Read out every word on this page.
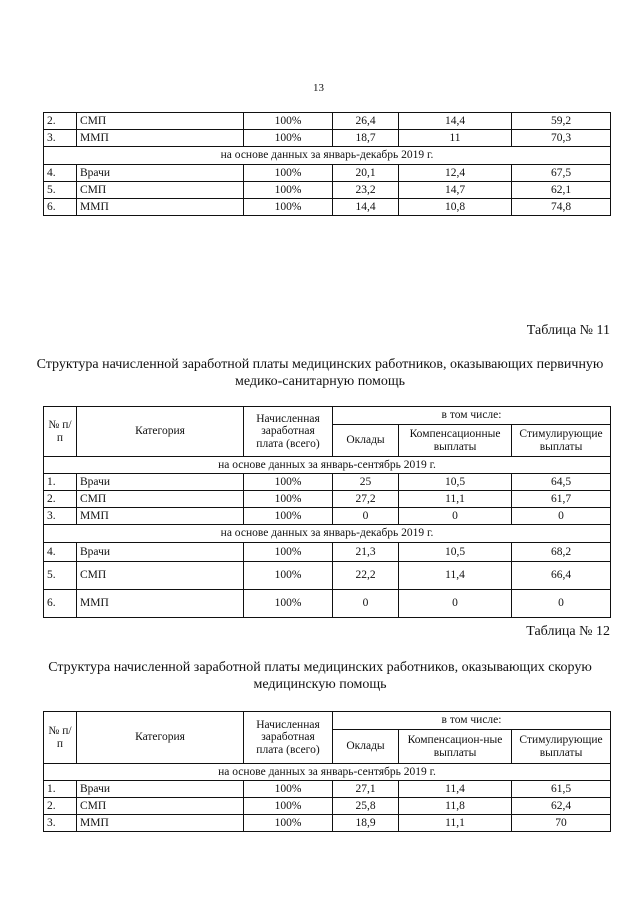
13
2.	СМП	100%	26,4	14,4	59,2
3.	ММП	100%	18,7	11	70,3
на основе данных за январь-декабрь 2019 г.					
4.	Врачи	100%	20,1	12,4	67,5
5.	СМП	100%	23,2	14,7	62,1
6.	ММП	100%	14,4	10,8	74,8
Таблица № 11
Структура начисленной заработной платы медицинских работников, оказывающих первичную медико-санитарную помощь
№ п/п	Категория	Начисленная заработная плата (всего)	в том числе:		
			Оклады	Компенсационные выплаты	Стимулирующие выплаты
на основе данных за январь-сентябрь 2019 г.					
1.	Врачи	100%	25	10,5	64,5
2.	СМП	100%	27,2	11,1	61,7
3.	ММП	100%	0	0	0
на основе данных за январь-декабрь 2019 г.					
4.	Врачи	100%	21,3	10,5	68,2
5.	СМП	100%	22,2	11,4	66,4
6.	ММП	100%	0	0	0
Таблица № 12
Структура начисленной заработной платы медицинских работников, оказывающих скорую медицинскую помощь
№ п/п	Категория	Начисленная заработная плата (всего)	в том числе:		
			Оклады	Компенсацион-ные выплаты	Стимулирующие выплаты
на основе данных за январь-сентябрь 2019 г.					
1.	Врачи	100%	27,1	11,4	61,5
2.	СМП	100%	25,8	11,8	62,4
3.	ММП	100%	18,9	11,1	70
